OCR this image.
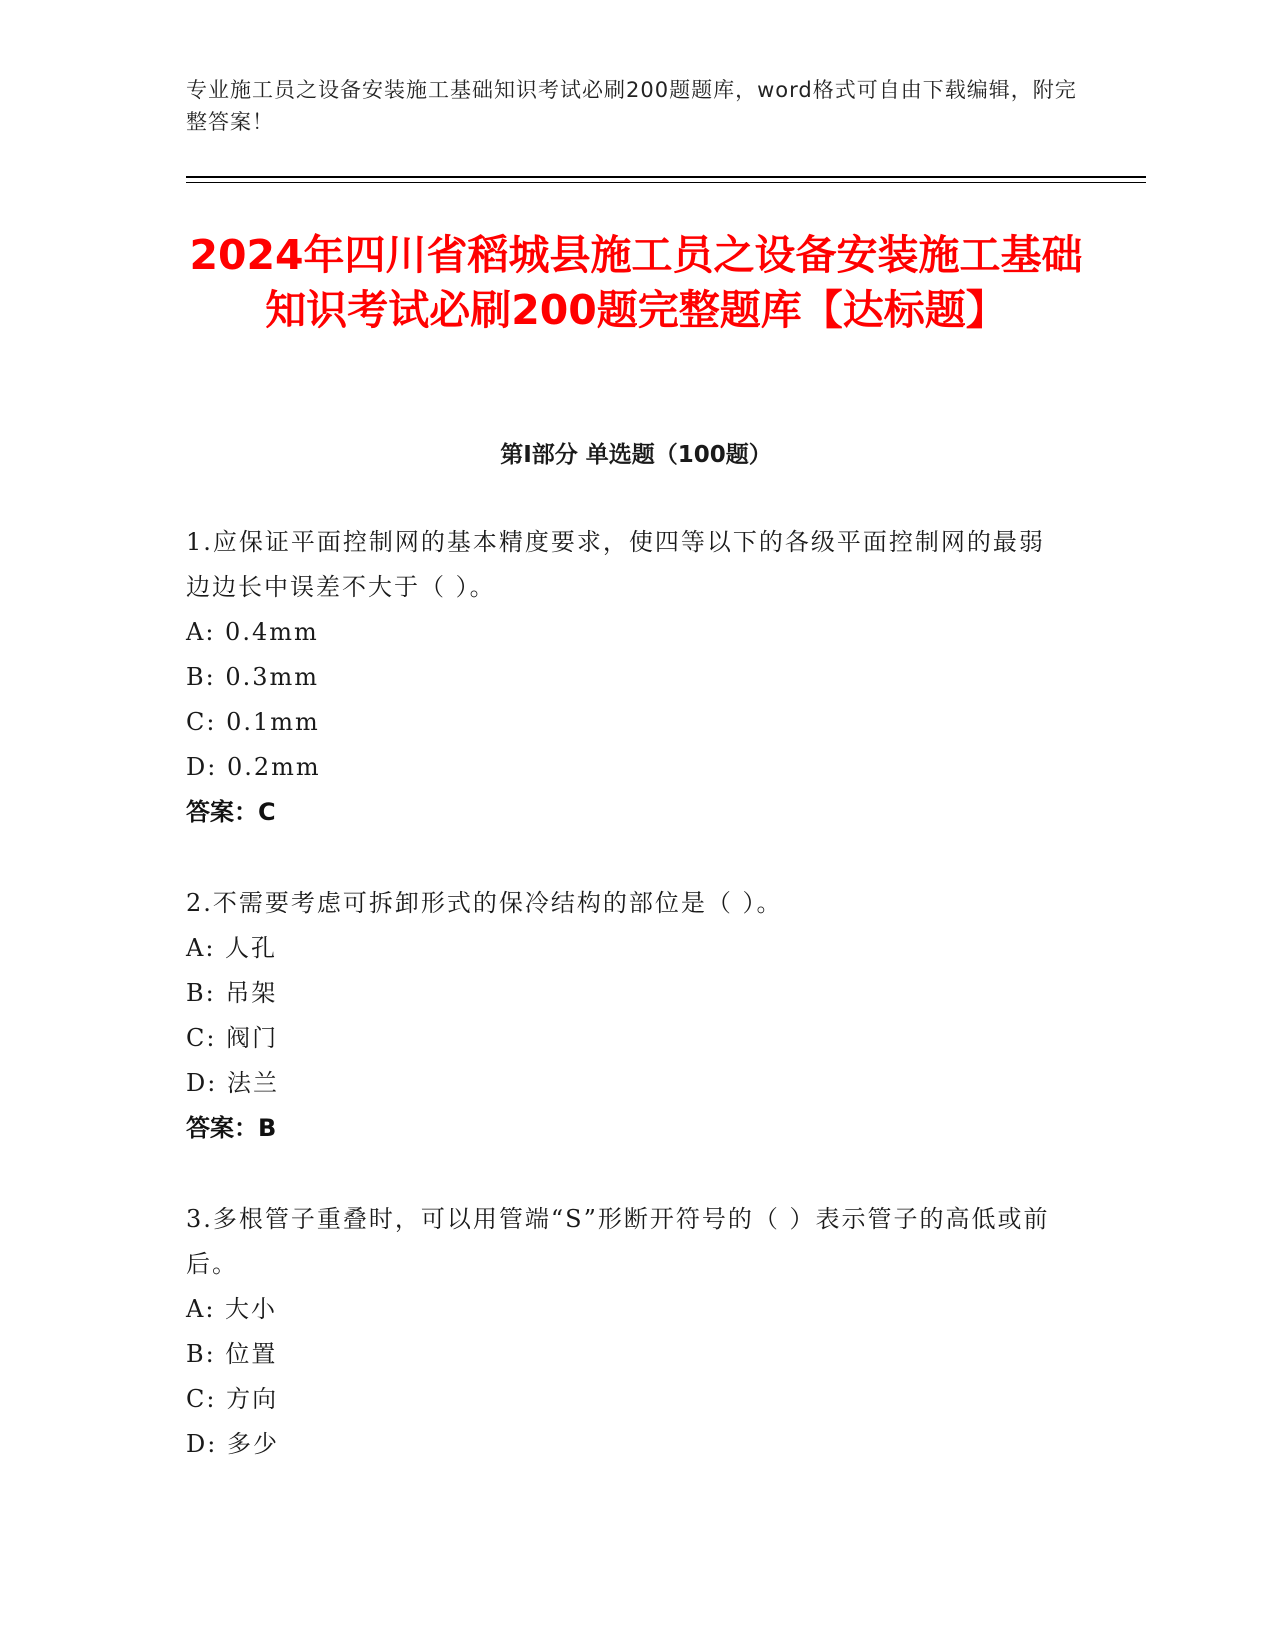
专业施工员之设备安装施工基础知识考试必刷200题题库，word格式可自由下载编辑，附完整答案！
2024年四川省稻城县施工员之设备安装施工基础知识考试必刷200题完整题库【达标题】
第I部分 单选题（100题）
1.应保证平面控制网的基本精度要求，使四等以下的各级平面控制网的最弱边边长中误差不大于（ ）。
A: 0.4mm
B: 0.3mm
C: 0.1mm
D: 0.2mm
答案：C
2.不需要考虑可拆卸形式的保冷结构的部位是（ ）。
A: 人孔
B: 吊架
C: 阀门
D: 法兰
答案：B
3.多根管子重叠时，可以用管端“S”形断开符号的（ ）表示管子的高低或前后。
A: 大小
B: 位置
C: 方向
D: 多少
